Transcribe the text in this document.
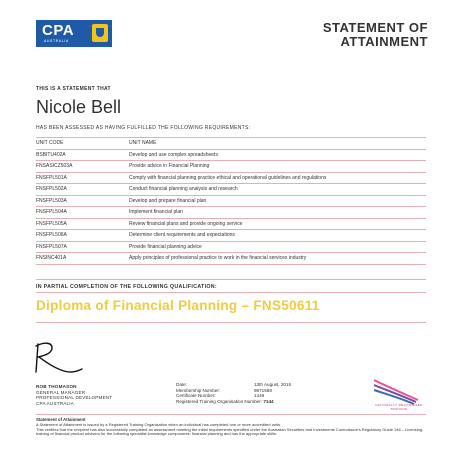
CPA
AUSTRALIA
STATEMENT OF
ATTAINMENT
THIS IS A STATEMENT THAT
Nicole Bell
HAS BEEN ASSESSED AS HAVING FULFILLED THE FOLLOWING REQUIREMENTS:
UNIT CODE	UNIT NAME
BSBITU402A	Develop and use complex spreadsheets
FNSASICZ503A	Provide advice in Financial Planning
FNSFPL501A	Comply with financial planning practice ethical and operational guidelines and regulations
FNSFPL502A	Conduct financial planning analysis and research
FNSFPL503A	Develop and prepare financial plan
FNSFPL504A	Implement financial plan
FNSFPL505A	Review financial plans and provide ongoing service
FNSFPL506A	Determine client requirements and expectations
FNSFPL507A	Provide financial planning advice
FNSINC401A	Apply principles of professional practice to work in the financial services industry
IN PARTIAL COMPLETION OF THE FOLLOWING QUALIFICATION:
Diploma of Financial Planning – FNS50611
ROB THOMASON
GENERAL MANAGER
PROFESSIONAL DEVELOPMENT
CPA AUSTRALIA
Date:	13th August, 2015
Membership Number:	9871588
Certificate Number:	1448
Registered Training Organisation Number:
7144
NATIONALLY RECOGNISED TRAINING
Statement of Attainment
A Statement of Attainment is issued by a Registered Training Organisation when an individual has completed one or more accredited units.
This certifies that the recipient has also successfully completed an assessment meeting the initial requirements specified under the Australian Securities and Investments Commission's Regulatory Guide 146 – Licensing: training of financial product advisers for the following specialist knowledge components: financial planning and has the appropriate skills.
